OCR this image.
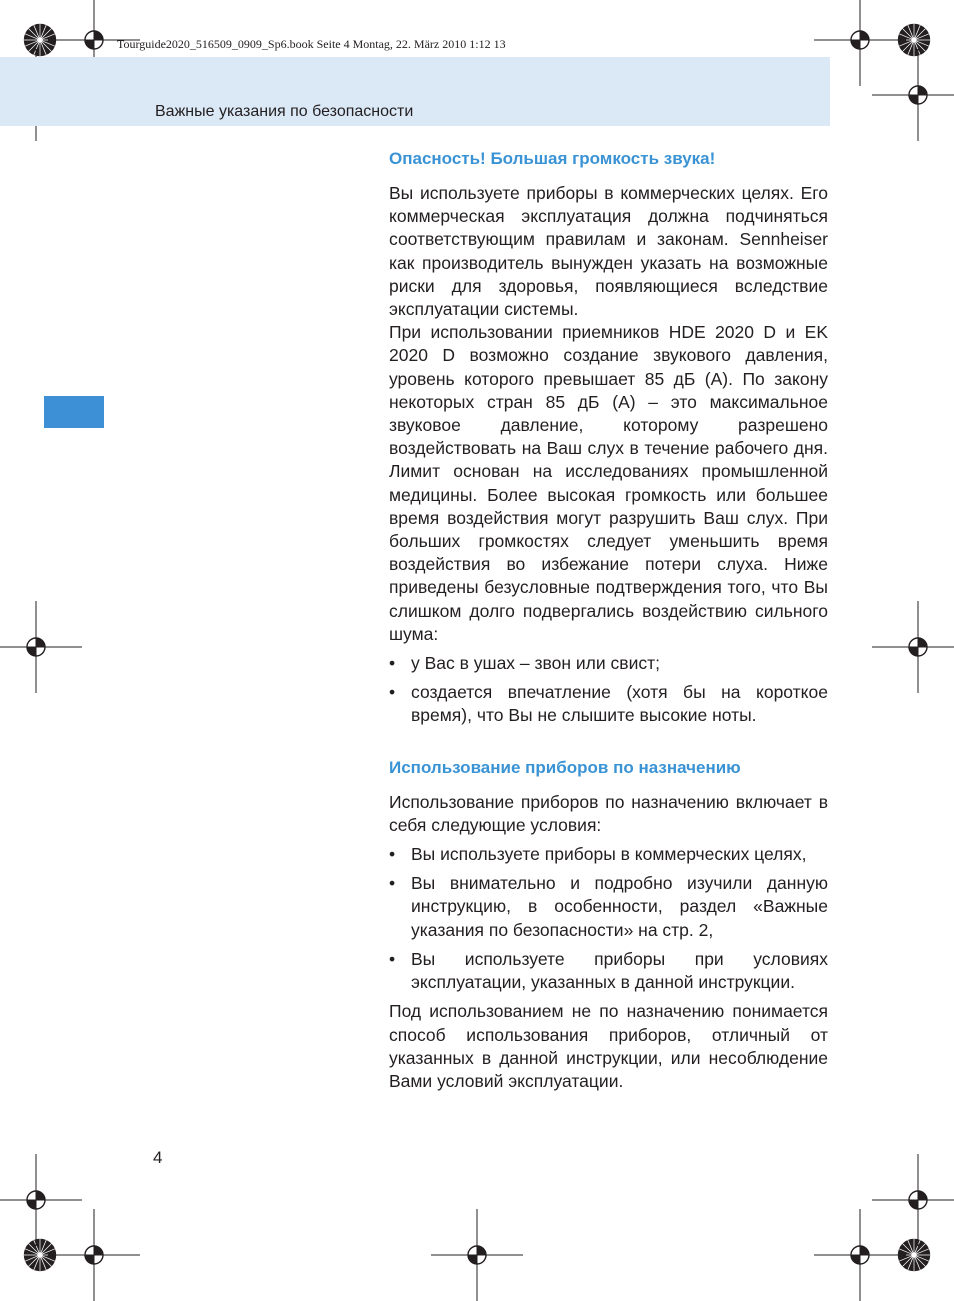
Tourguide2020_516509_0909_Sp6.book Seite 4 Montag, 22. März 2010 1:12 13
Важные указания по безопасности
Опасность! Большая громкость звука!

Вы используете приборы в коммерческих целях. Его коммерческая эксплуатация должна подчиняться соответствующим правилам и законам. Sennheiser как производитель вынужден указать на возможные риски для здоровья, появляющиеся вследствие эксплуатации системы.

При использовании приемников HDE 2020 D и EK 2020 D возможно создание звукового давления, уровень которого превышает 85 дБ (A). По закону некоторых стран 85 дБ (A) – это максимальное звуковое давление, которому разрешено воздействовать на Ваш слух в течение рабочего дня. Лимит основан на исследованиях промышленной медицины. Более высокая громкость или большее время воздействия могут разрушить Ваш слух. При больших громкостях следует уменьшить время воздействия во избежание потери слуха. Ниже приведены безусловные подтверждения того, что Вы слишком долго подвергались воздействию сильного шума:

• у Вас в ушах – звон или свист;
• создается впечатление (хотя бы на короткое время), что Вы не слышите высокие ноты.
Использование приборов по назначению

Использование приборов по назначению включает в себя следующие условия:

• Вы используете приборы в коммерческих целях,
• Вы внимательно и подробно изучили данную инструкцию, в особенности, раздел «Важные указания по безопасности» на стр. 2,
• Вы используете приборы при условиях эксплуатации, указанных в данной инструкции.

Под использованием не по назначению понимается способ использования приборов, отличный от указанных в данной инструкции, или несоблюдение Вами условий эксплуатации.

4
